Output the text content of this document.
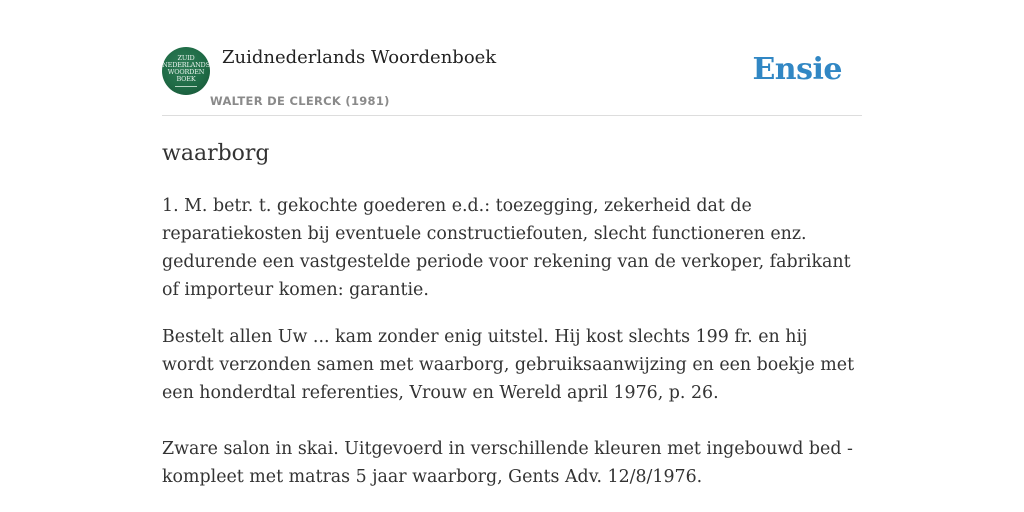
ZUID
NEDERLANDS
WOORDEN
BOEK
Zuidnederlands Woordenboek
WALTER DE CLERCK (1981)
Ensie
waarborg

1. M. betr. t. gekochte goederen e.d.: toezegging, zekerheid dat de reparatiekosten bij eventuele constructiefouten, slecht functioneren enz. gedurende een vastgestelde periode voor rekening van de verkoper, fabrikant of importeur komen: garantie.

Bestelt allen Uw ... kam zonder enig uitstel. Hij kost slechts 199 fr. en hij wordt verzonden samen met waarborg, gebruiksaanwijzing en een boekje met een honderdtal referenties, Vrouw en Wereld april 1976, p. 26.

Zware salon in skai. Uitgevoerd in verschillende kleuren met ingebouwd bed - kompleet met matras 5 jaar waarborg, Gents Adv. 12/8/1976.
